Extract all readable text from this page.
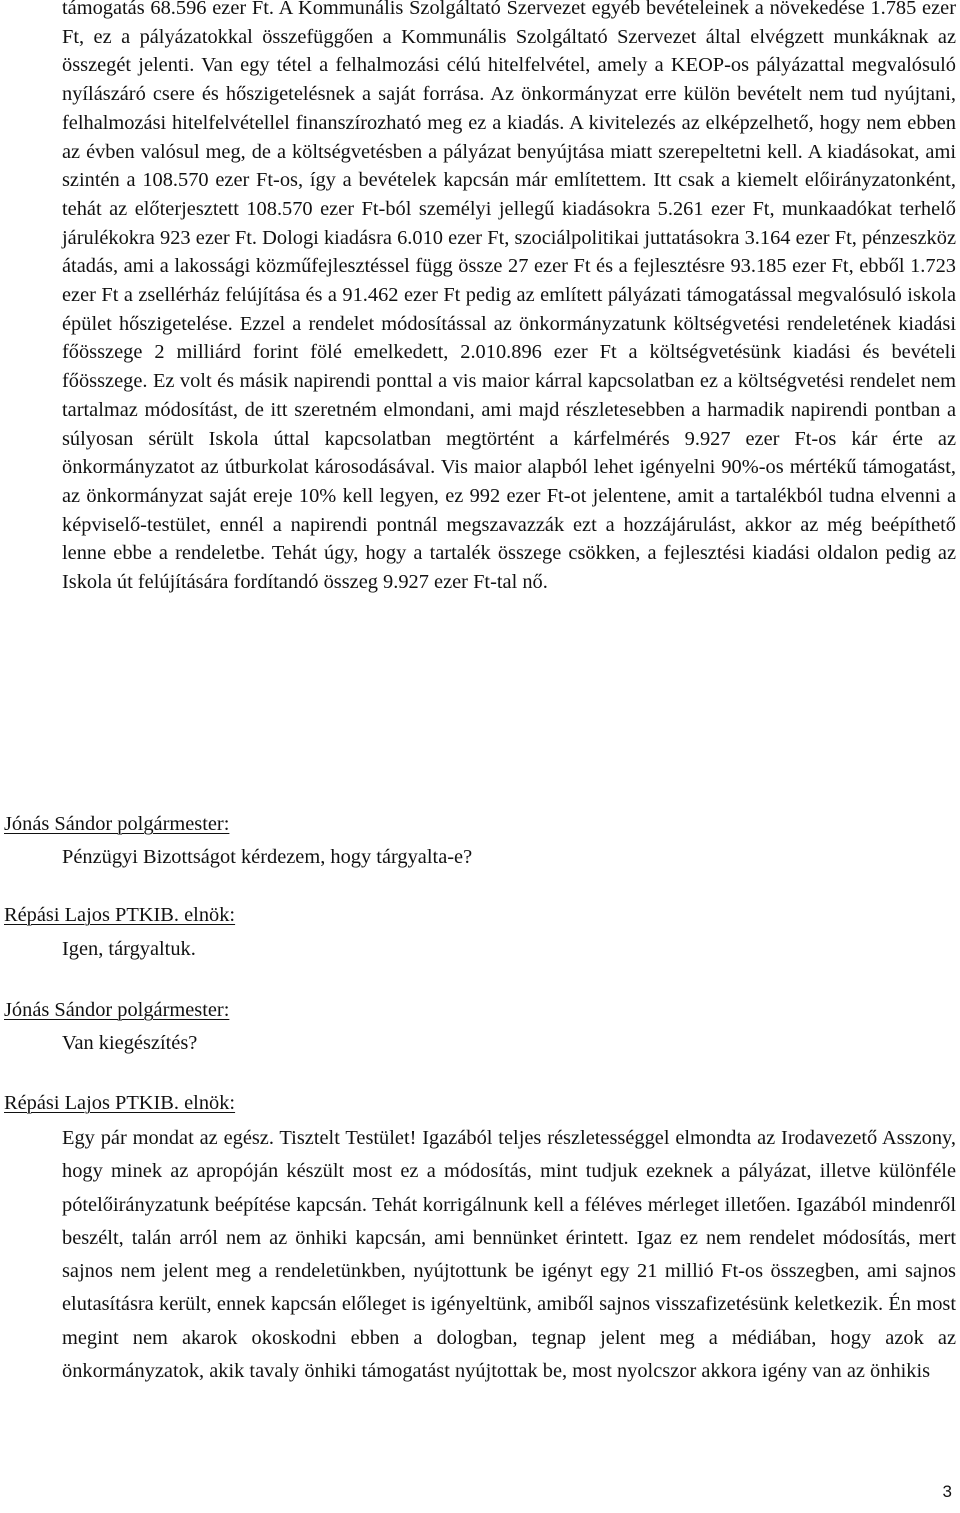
támogatás 68.596 ezer Ft. A Kommunális Szolgáltató Szervezet egyéb bevételeinek a növekedése 1.785 ezer Ft, ez a pályázatokkal összefüggően a Kommunális Szolgáltató Szervezet által elvégzett munkáknak az összegét jelenti. Van egy tétel a felhalmozási célú hitelfelvétel, amely a KEOP-os pályázattal megvalósuló nyílászáró csere és hőszigetelésnek a saját forrása. Az önkormányzat erre külön bevételt nem tud nyújtani, felhalmozási hitelfelvétellel finanszírozható meg ez a kiadás. A kivitelezés az elképzelhető, hogy nem ebben az évben valósul meg, de a költségvetésben a pályázat benyújtása miatt szerepeltetni kell. A kiadásokat, ami szintén a 108.570 ezer Ft-os, így a bevételek kapcsán már említettem. Itt csak a kiemelt előirányzatonként, tehát az előterjesztett 108.570 ezer Ft-ból személyi jellegű kiadásokra 5.261 ezer Ft, munkaadókat terhelő járulékokra 923 ezer Ft. Dologi kiadásra 6.010 ezer Ft, szociálpolitikai juttatásokra 3.164 ezer Ft, pénzeszköz átadás, ami a lakossági közműfejlesztéssel függ össze 27 ezer Ft és a fejlesztésre 93.185 ezer Ft, ebből 1.723 ezer Ft a zsellérház felújítása és a 91.462 ezer Ft pedig az említett pályázati támogatással megvalósuló iskola épület hőszigetelése. Ezzel a rendelet módosítással az önkormányzatunk költségvetési rendeletének kiadási főösszege 2 milliárd forint fölé emelkedett, 2.010.896 ezer Ft a költségvetésünk kiadási és bevételi főösszege. Ez volt és másik napirendi ponttal a vis maior kárral kapcsolatban ez a költségvetési rendelet nem tartalmaz módosítást, de itt szeretném elmondani, ami majd részletesebben a harmadik napirendi pontban a súlyosan sérült Iskola úttal kapcsolatban megtörtént a kárfelmérés 9.927 ezer Ft-os kár érte az önkormányzatot az útburkolat károsodásával. Vis maior alapból lehet igényelni 90%-os mértékű támogatást, az önkormányzat saját ereje 10% kell legyen, ez 992 ezer Ft-ot jelentene, amit a tartalékból tudna elvenni a képviselő-testület, ennél a napirendi pontnál megszavazzák ezt a hozzájárulást, akkor az még beépíthető lenne ebbe a rendeletbe. Tehát úgy, hogy a tartalék összege csökken, a fejlesztési kiadási oldalon pedig az Iskola út felújítására fordítandó összeg 9.927 ezer Ft-tal nő.

Jónás Sándor polgármester:
Pénzügyi Bizottságot kérdezem, hogy tárgyalta-e?
Répási Lajos PTKIB. elnök:
Igen, tárgyaltuk.
Jónás Sándor polgármester:
Van kiegészítés?
Répási Lajos PTKIB. elnök:

Egy pár mondat az egész. Tisztelt Testület! Igazából teljes részletességgel elmondta az Irodavezető Asszony, hogy minek az apropóján készült most ez a módosítás, mint tudjuk ezeknek a pályázat, illetve különféle pótelőirányzatunk beépítése kapcsán. Tehát korrigálnunk kell a féléves mérleget illetően. Igazából mindenről beszélt, talán arról nem az önhiki kapcsán, ami bennünket érintett. Igaz ez nem rendelet módosítás, mert sajnos nem jelent meg a rendeletünkben, nyújtottunk be igényt egy 21 millió Ft-os összegben, ami sajnos elutasításra került, ennek kapcsán előleget is igényeltünk, amiből sajnos visszafizetésünk keletkezik. Én most megint nem akarok okoskodni ebben a dologban, tegnap jelent meg a médiában, hogy azok az önkormányzatok, akik tavaly önhiki támogatást nyújtottak be, most nyolcszor akkora igény van az önhikis

3
